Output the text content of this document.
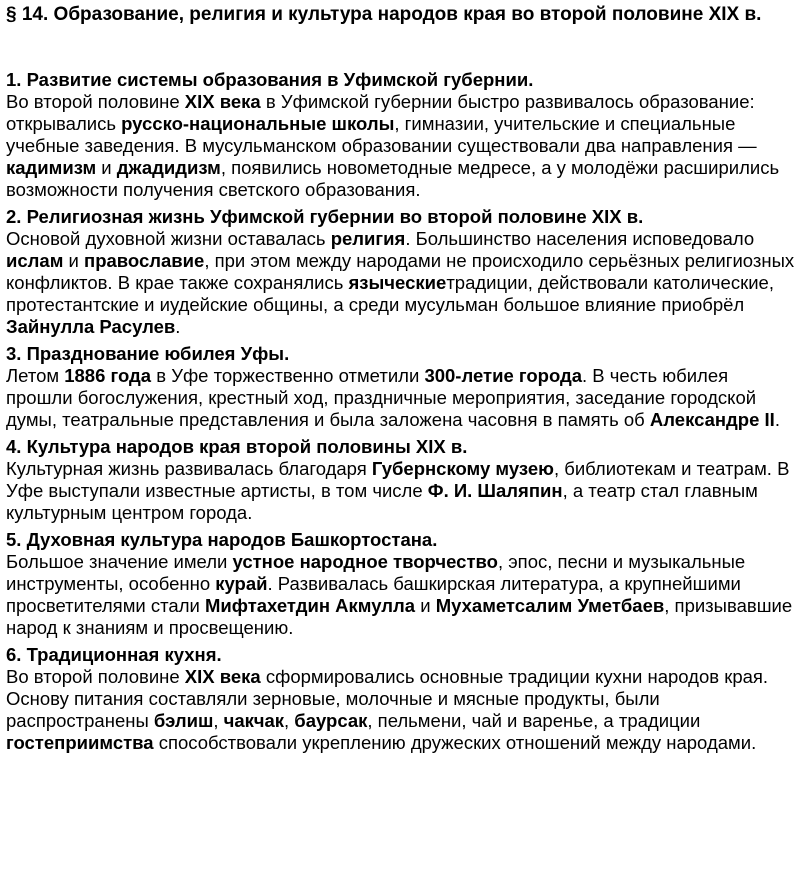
§ 14. Образование, религия и культура народов края во второй половине XIX в.
1. Развитие системы образования в Уфимской губернии.
Во второй половине XIX века в Уфимской губернии быстро развивалось образование: открывались русско-национальные школы, гимназии, учительские и специальные учебные заведения. В мусульманском образовании существовали два направления — кадимизм и джадидизм, появились новометодные медресе, а у молодёжи расширились возможности получения светского образования.
2. Религиозная жизнь Уфимской губернии во второй половине XIX в.
Основой духовной жизни оставалась религия. Большинство населения исповедовало ислам и православие, при этом между народами не происходило серьёзных религиозных конфликтов. В крае также сохранялись языческиетрадиции, действовали католические, протестантские и иудейские общины, а среди мусульман большое влияние приобрёл Зайнулла Расулев.
3. Празднование юбилея Уфы.
Летом 1886 года в Уфе торжественно отметили 300-летие города. В честь юбилея прошли богослужения, крестный ход, праздничные мероприятия, заседание городской думы, театральные представления и была заложена часовня в память об Александре II.
4. Культура народов края второй половины XIX в.
Культурная жизнь развивалась благодаря Губернскому музею, библиотекам и театрам. В Уфе выступали известные артисты, в том числе Ф. И. Шаляпин, а театр стал главным культурным центром города.
5. Духовная культура народов Башкортостана.
Большое значение имели устное народное творчество, эпос, песни и музыкальные инструменты, особенно курай. Развивалась башкирская литература, а крупнейшими просветителями стали Мифтахетдин Акмулла и Мухаметсалим Уметбаев, призывавшие народ к знаниям и просвещению.
6. Традиционная кухня.
Во второй половине XIX века сформировались основные традиции кухни народов края. Основу питания составляли зерновые, молочные и мясные продукты, были распространены бэлиш, чакчак, баурсак, пельмени, чай и варенье, а традиции гостеприимства способствовали укреплению дружеских отношений между народами.
